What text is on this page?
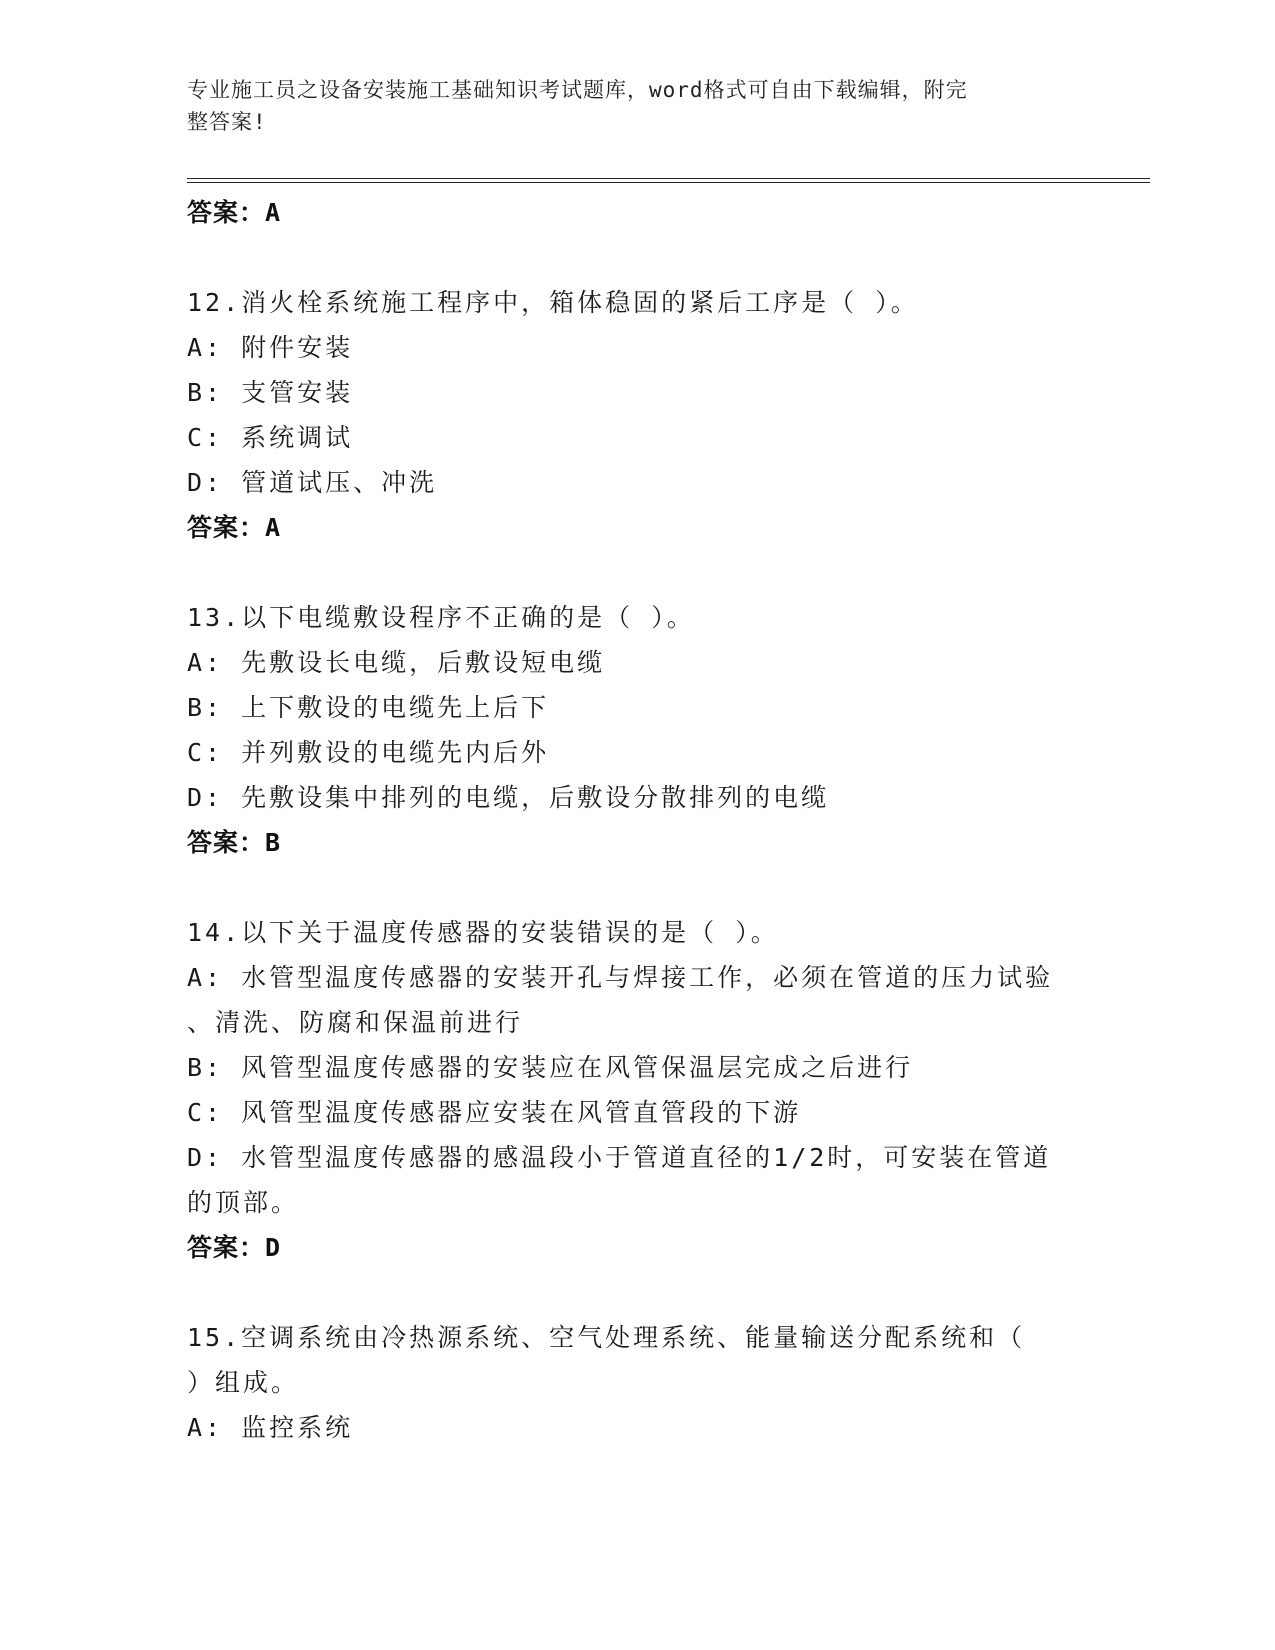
专业施工员之设备安装施工基础知识考试题库，word格式可自由下载编辑，附完
整答案!
答案：A
12.消火栓系统施工程序中，箱体稳固的紧后工序是（ ）。
A: 附件安装
B: 支管安装
C: 系统调试
D: 管道试压、冲洗
答案：A
13.以下电缆敷设程序不正确的是（ ）。
A: 先敷设长电缆，后敷设短电缆
B: 上下敷设的电缆先上后下
C: 并列敷设的电缆先内后外
D: 先敷设集中排列的电缆，后敷设分散排列的电缆
答案：B
14.以下关于温度传感器的安装错误的是（ ）。
A: 水管型温度传感器的安装开孔与焊接工作，必须在管道的压力试验
、清洗、防腐和保温前进行
B: 风管型温度传感器的安装应在风管保温层完成之后进行
C: 风管型温度传感器应安装在风管直管段的下游
D: 水管型温度传感器的感温段小于管道直径的1/2时，可安装在管道
的顶部。
答案：D
15.空调系统由冷热源系统、空气处理系统、能量输送分配系统和（
）组成。
A: 监控系统
